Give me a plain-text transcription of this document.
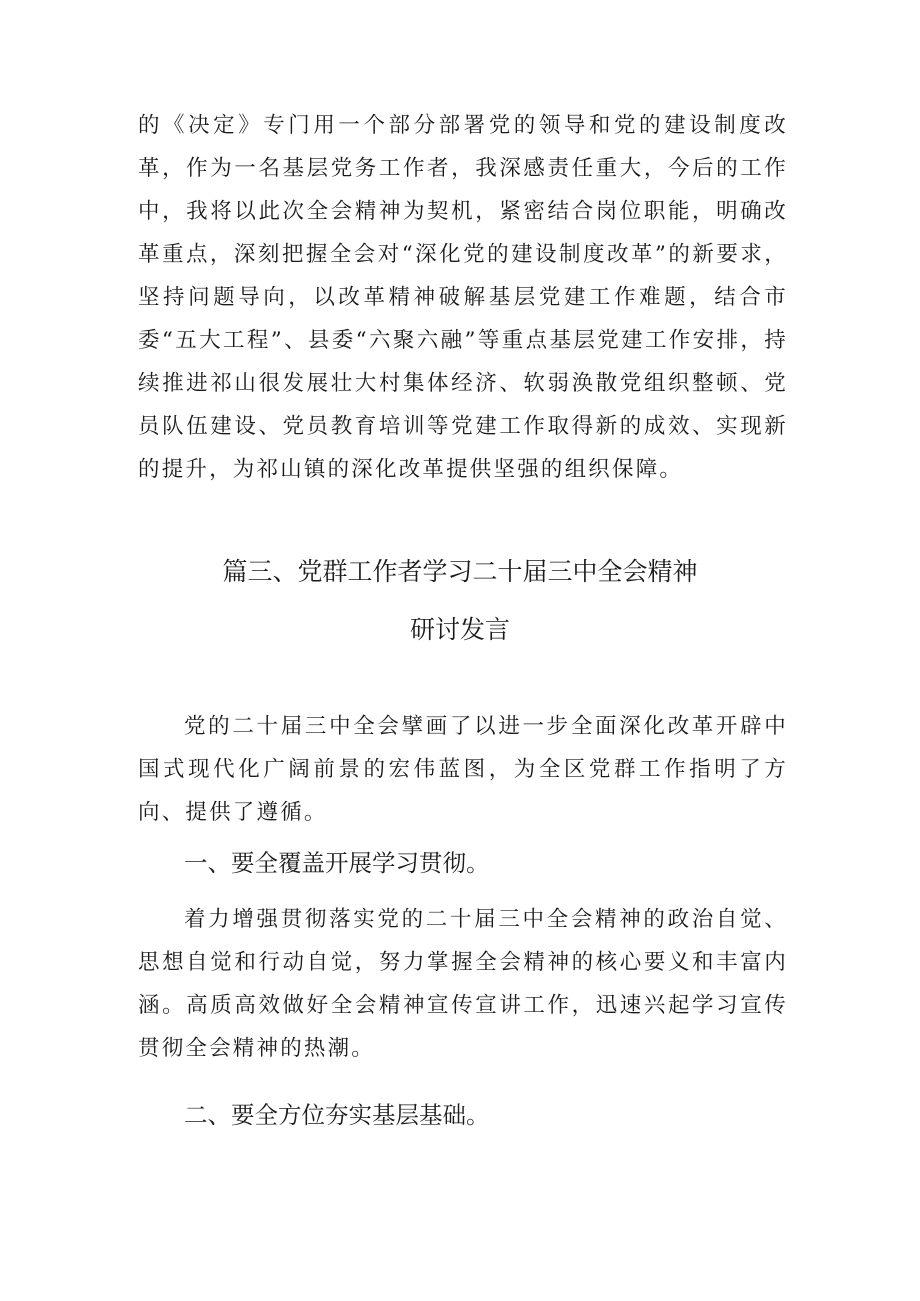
的《决定》专门用一个部分部署党的领导和党的建设制度改革，作为一名基层党务工作者，我深感责任重大，今后的工作中，我将以此次全会精神为契机，紧密结合岗位职能，明确改革重点，深刻把握全会对“深化党的建设制度改革”的新要求，坚持问题导向，以改革精神破解基层党建工作难题，结合市委“五大工程”、县委“六聚六融”等重点基层党建工作安排，持续推进祁山很发展壮大村集体经济、软弱涣散党组织整顿、党员队伍建设、党员教育培训等党建工作取得新的成效、实现新的提升，为祁山镇的深化改革提供坚强的组织保障。

篇三、党群工作者学习二十届三中全会精神

研讨发言

党的二十届三中全会擘画了以进一步全面深化改革开辟中国式现代化广阔前景的宏伟蓝图，为全区党群工作指明了方向、提供了遵循。

一、要全覆盖开展学习贯彻。

着力增强贯彻落实党的二十届三中全会精神的政治自觉、思想自觉和行动自觉，努力掌握全会精神的核心要义和丰富内涵。高质高效做好全会精神宣传宣讲工作，迅速兴起学习宣传贯彻全会精神的热潮。

二、要全方位夯实基层基础。
